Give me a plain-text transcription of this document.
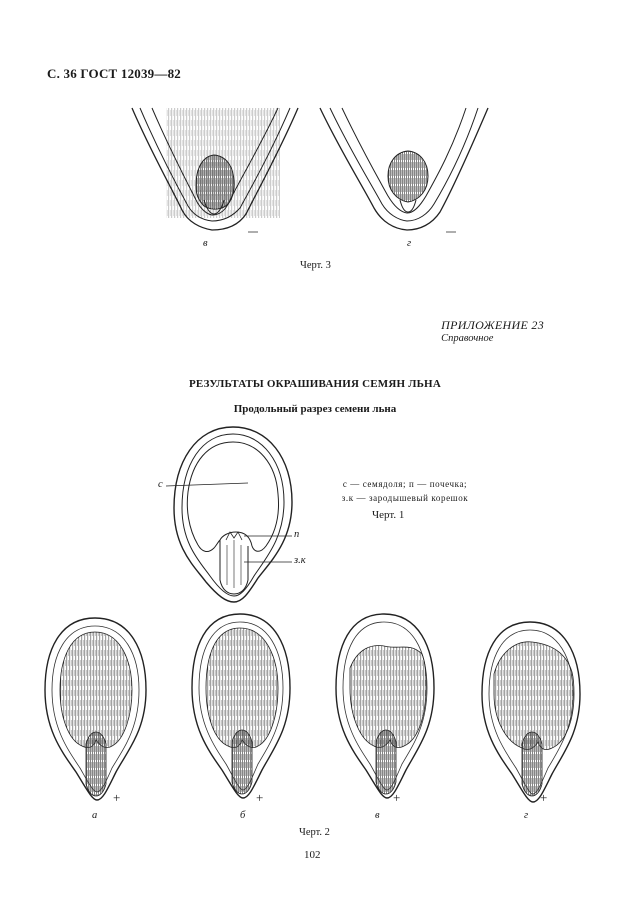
С. 36 ГОСТ 12039—82
в	г
Черт. 3
ПРИЛОЖЕНИЕ 23
Справочное
РЕЗУЛЬТАТЫ ОКРАШИВАНИЯ СЕМЯН ЛЬНА
Продольный разрез семени льна
с
п
з.к
с — семядоля; п — почечка;
з.к — зародышевый корешок
Черт. 1
+	+	+	+
а	б	в	г
Черт. 2
102
